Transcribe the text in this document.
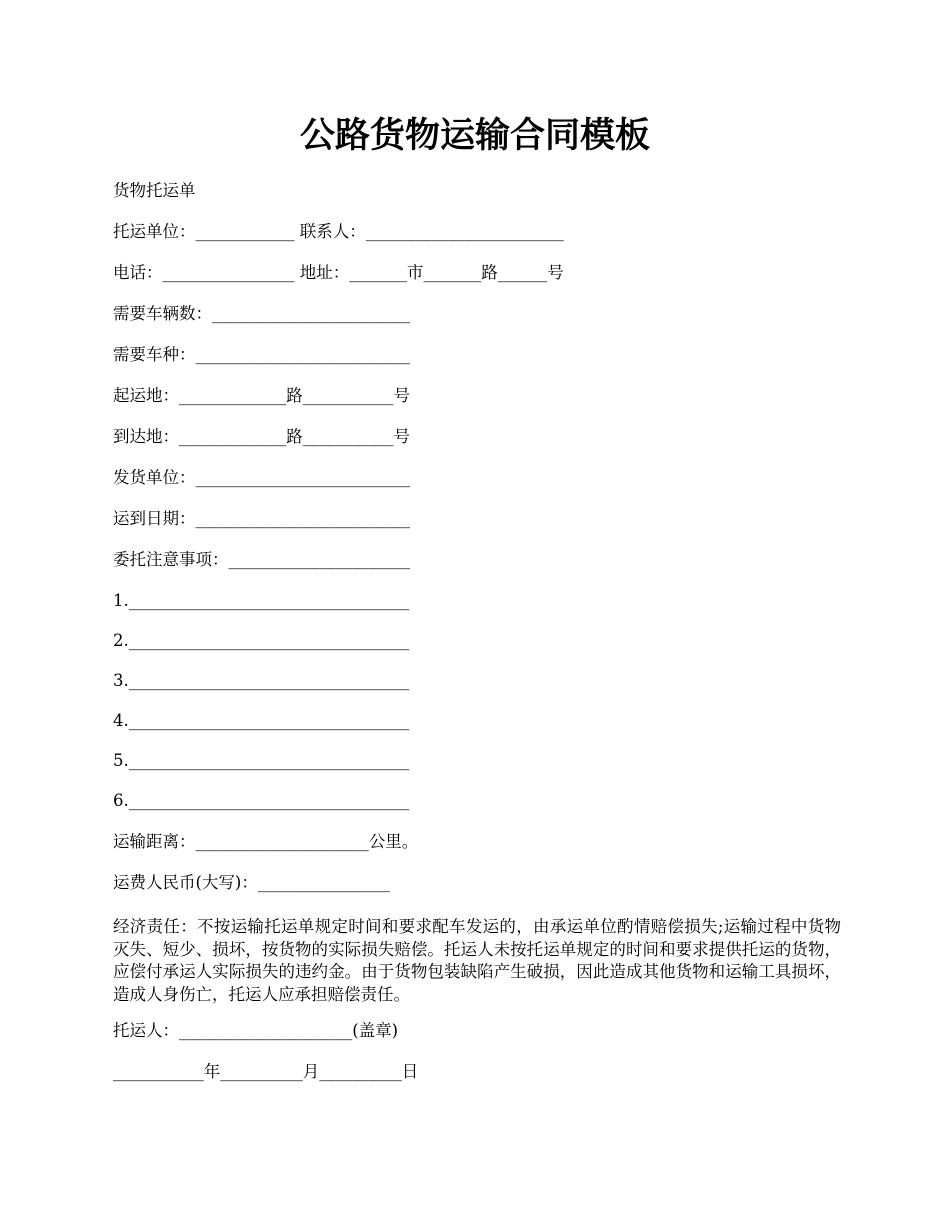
公路货物运输合同模板
货物托运单
托运单位：____________ 联系人：________________________
电话：________________ 地址：_______市_______路______号
需要车辆数：________________________
需要车种：__________________________
起运地：_____________路___________号
到达地：_____________路___________号
发货单位：__________________________
运到日期：__________________________
委托注意事项：______________________
1.__________________________________
2.__________________________________
3.__________________________________
4.__________________________________
5.__________________________________
6.__________________________________
运输距离：_____________________公里。
运费人民币(大写)：________________
经济责任：不按运输托运单规定时间和要求配车发运的，由承运单位酌情赔偿损失;运输过程中货物灭失、短少、损坏，按货物的实际损失赔偿。托运人未按托运单规定的时间和要求提供托运的货物，应偿付承运人实际损失的违约金。由于货物包装缺陷产生破损，因此造成其他货物和运输工具损坏，造成人身伤亡，托运人应承担赔偿责任。
托运人：_____________________(盖章)
___________年__________月__________日
